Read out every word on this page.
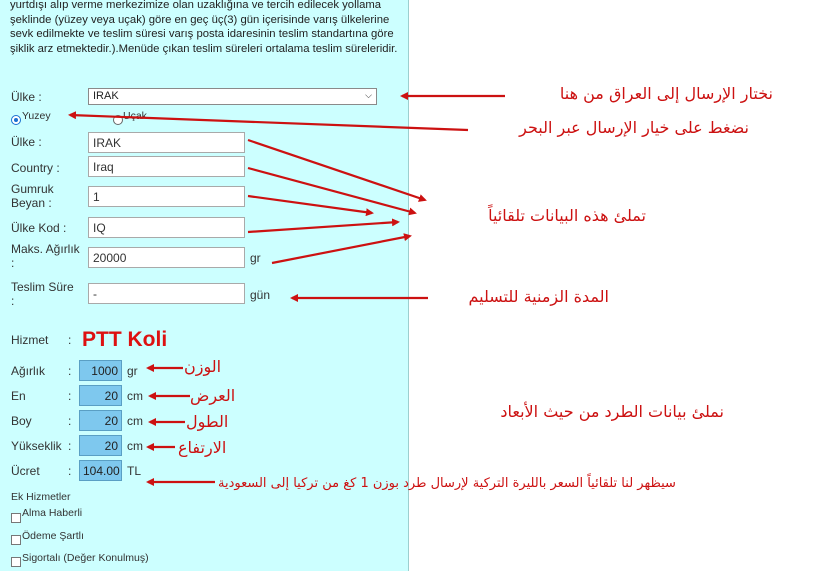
yurtdışı alıp verme merkezimize olan uzaklığına ve tercih edilecek yollama şeklinde (yüzey veya uçak) göre en geç üç(3) gün içerisinde varış ülkelerine sevk edilmekte ve teslim süresi varış posta idaresinin teslim standartına göre şiklik arz etmektedir.).Menüde çıkan teslim süreleri ortalama teslim süreleridir.
Ülke :	IRAK	⌵
Yuzey	Uçak
Ülke :	IRAK
Country :	Iraq
Gumruk
Beyan :	1
Ülke Kod :	IQ
Maks. Ağırlık
:	20000	gr
Teslim Süre
:	-	gün
Hizmet : PTT Koli
Ağırlık :	1000 gr
En	:	20 cm
Boy	:	20 cm
Yükseklik :	20 cm
Ücret : 104.00 TL
Ek Hizmetler
Alma Haberli
Ödeme Şartlı
Sigortalı (Değer Konulmuş)
نختار الإرسال إلى العراق من هنا
نضغط على خيار الإرسال عبر البحر
تملئ هذه البيانات تلقائياً
المدة الزمنية للتسليم
الوزن
العرض
الطول
الارتفاع
نملئ بيانات الطرد من حيث الأبعاد
سيظهر لنا تلقائياً السعر بالليرة التركية لإرسال طرد بوزن 1 كغ من تركيا إلى السعودية
